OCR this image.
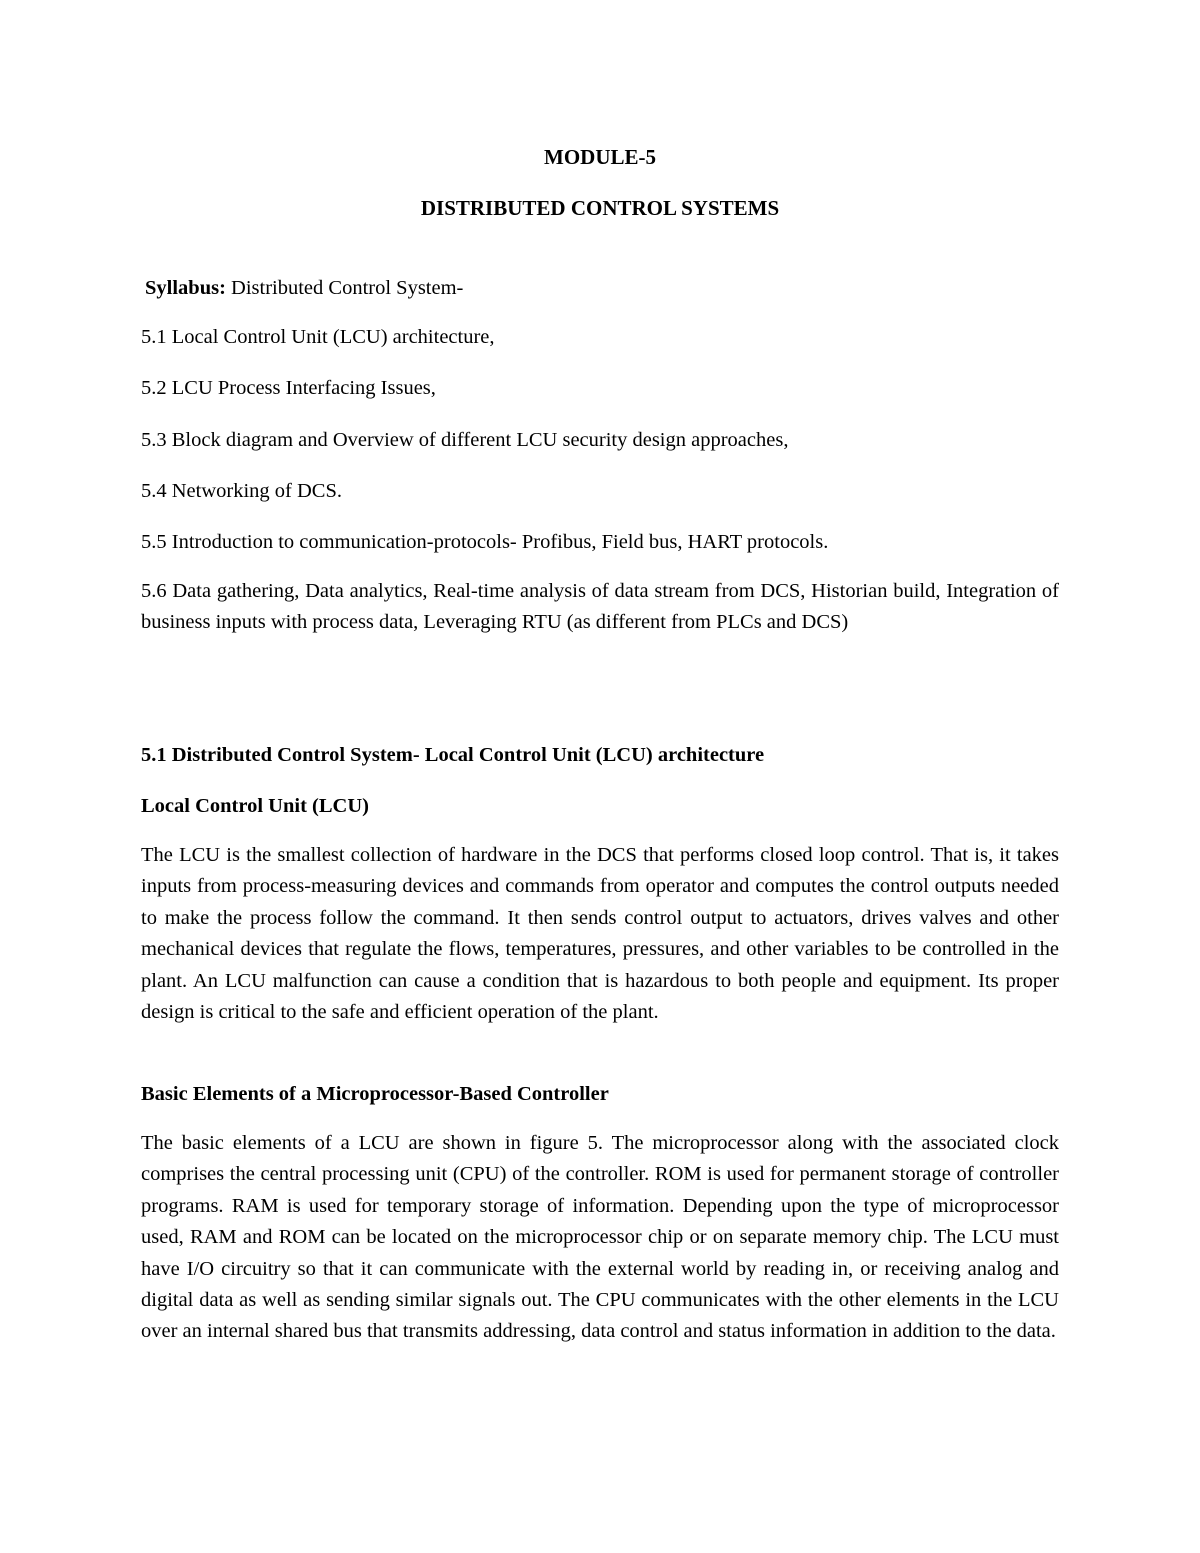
MODULE-5

DISTRIBUTED CONTROL SYSTEMS

Syllabus: Distributed Control System-

5.1 Local Control Unit (LCU) architecture,

5.2 LCU Process Interfacing Issues,

5.3 Block diagram and Overview of different LCU security design approaches,

5.4 Networking of DCS.

5.5 Introduction to communication-protocols- Profibus, Field bus, HART protocols.

5.6 Data gathering, Data analytics, Real-time analysis of data stream from DCS, Historian build, Integration of business inputs with process data, Leveraging RTU (as different from PLCs and DCS)

5.1 Distributed Control System- Local Control Unit (LCU) architecture

Local Control Unit (LCU)

The LCU is the smallest collection of hardware in the DCS that performs closed loop control. That is, it takes inputs from process-measuring devices and commands from operator and computes the control outputs needed to make the process follow the command. It then sends control output to actuators, drives valves and other mechanical devices that regulate the flows, temperatures, pressures, and other variables to be controlled in the plant. An LCU malfunction can cause a condition that is hazardous to both people and equipment. Its proper design is critical to the safe and efficient operation of the plant.

Basic Elements of a Microprocessor-Based Controller

The basic elements of a LCU are shown in figure 5. The microprocessor along with the associated clock comprises the central processing unit (CPU) of the controller. ROM is used for permanent storage of controller programs. RAM is used for temporary storage of information. Depending upon the type of microprocessor used, RAM and ROM can be located on the microprocessor chip or on separate memory chip. The LCU must have I/O circuitry so that it can communicate with the external world by reading in, or receiving analog and digital data as well as sending similar signals out. The CPU communicates with the other elements in the LCU over an internal shared bus that transmits addressing, data control and status information in addition to the data.
